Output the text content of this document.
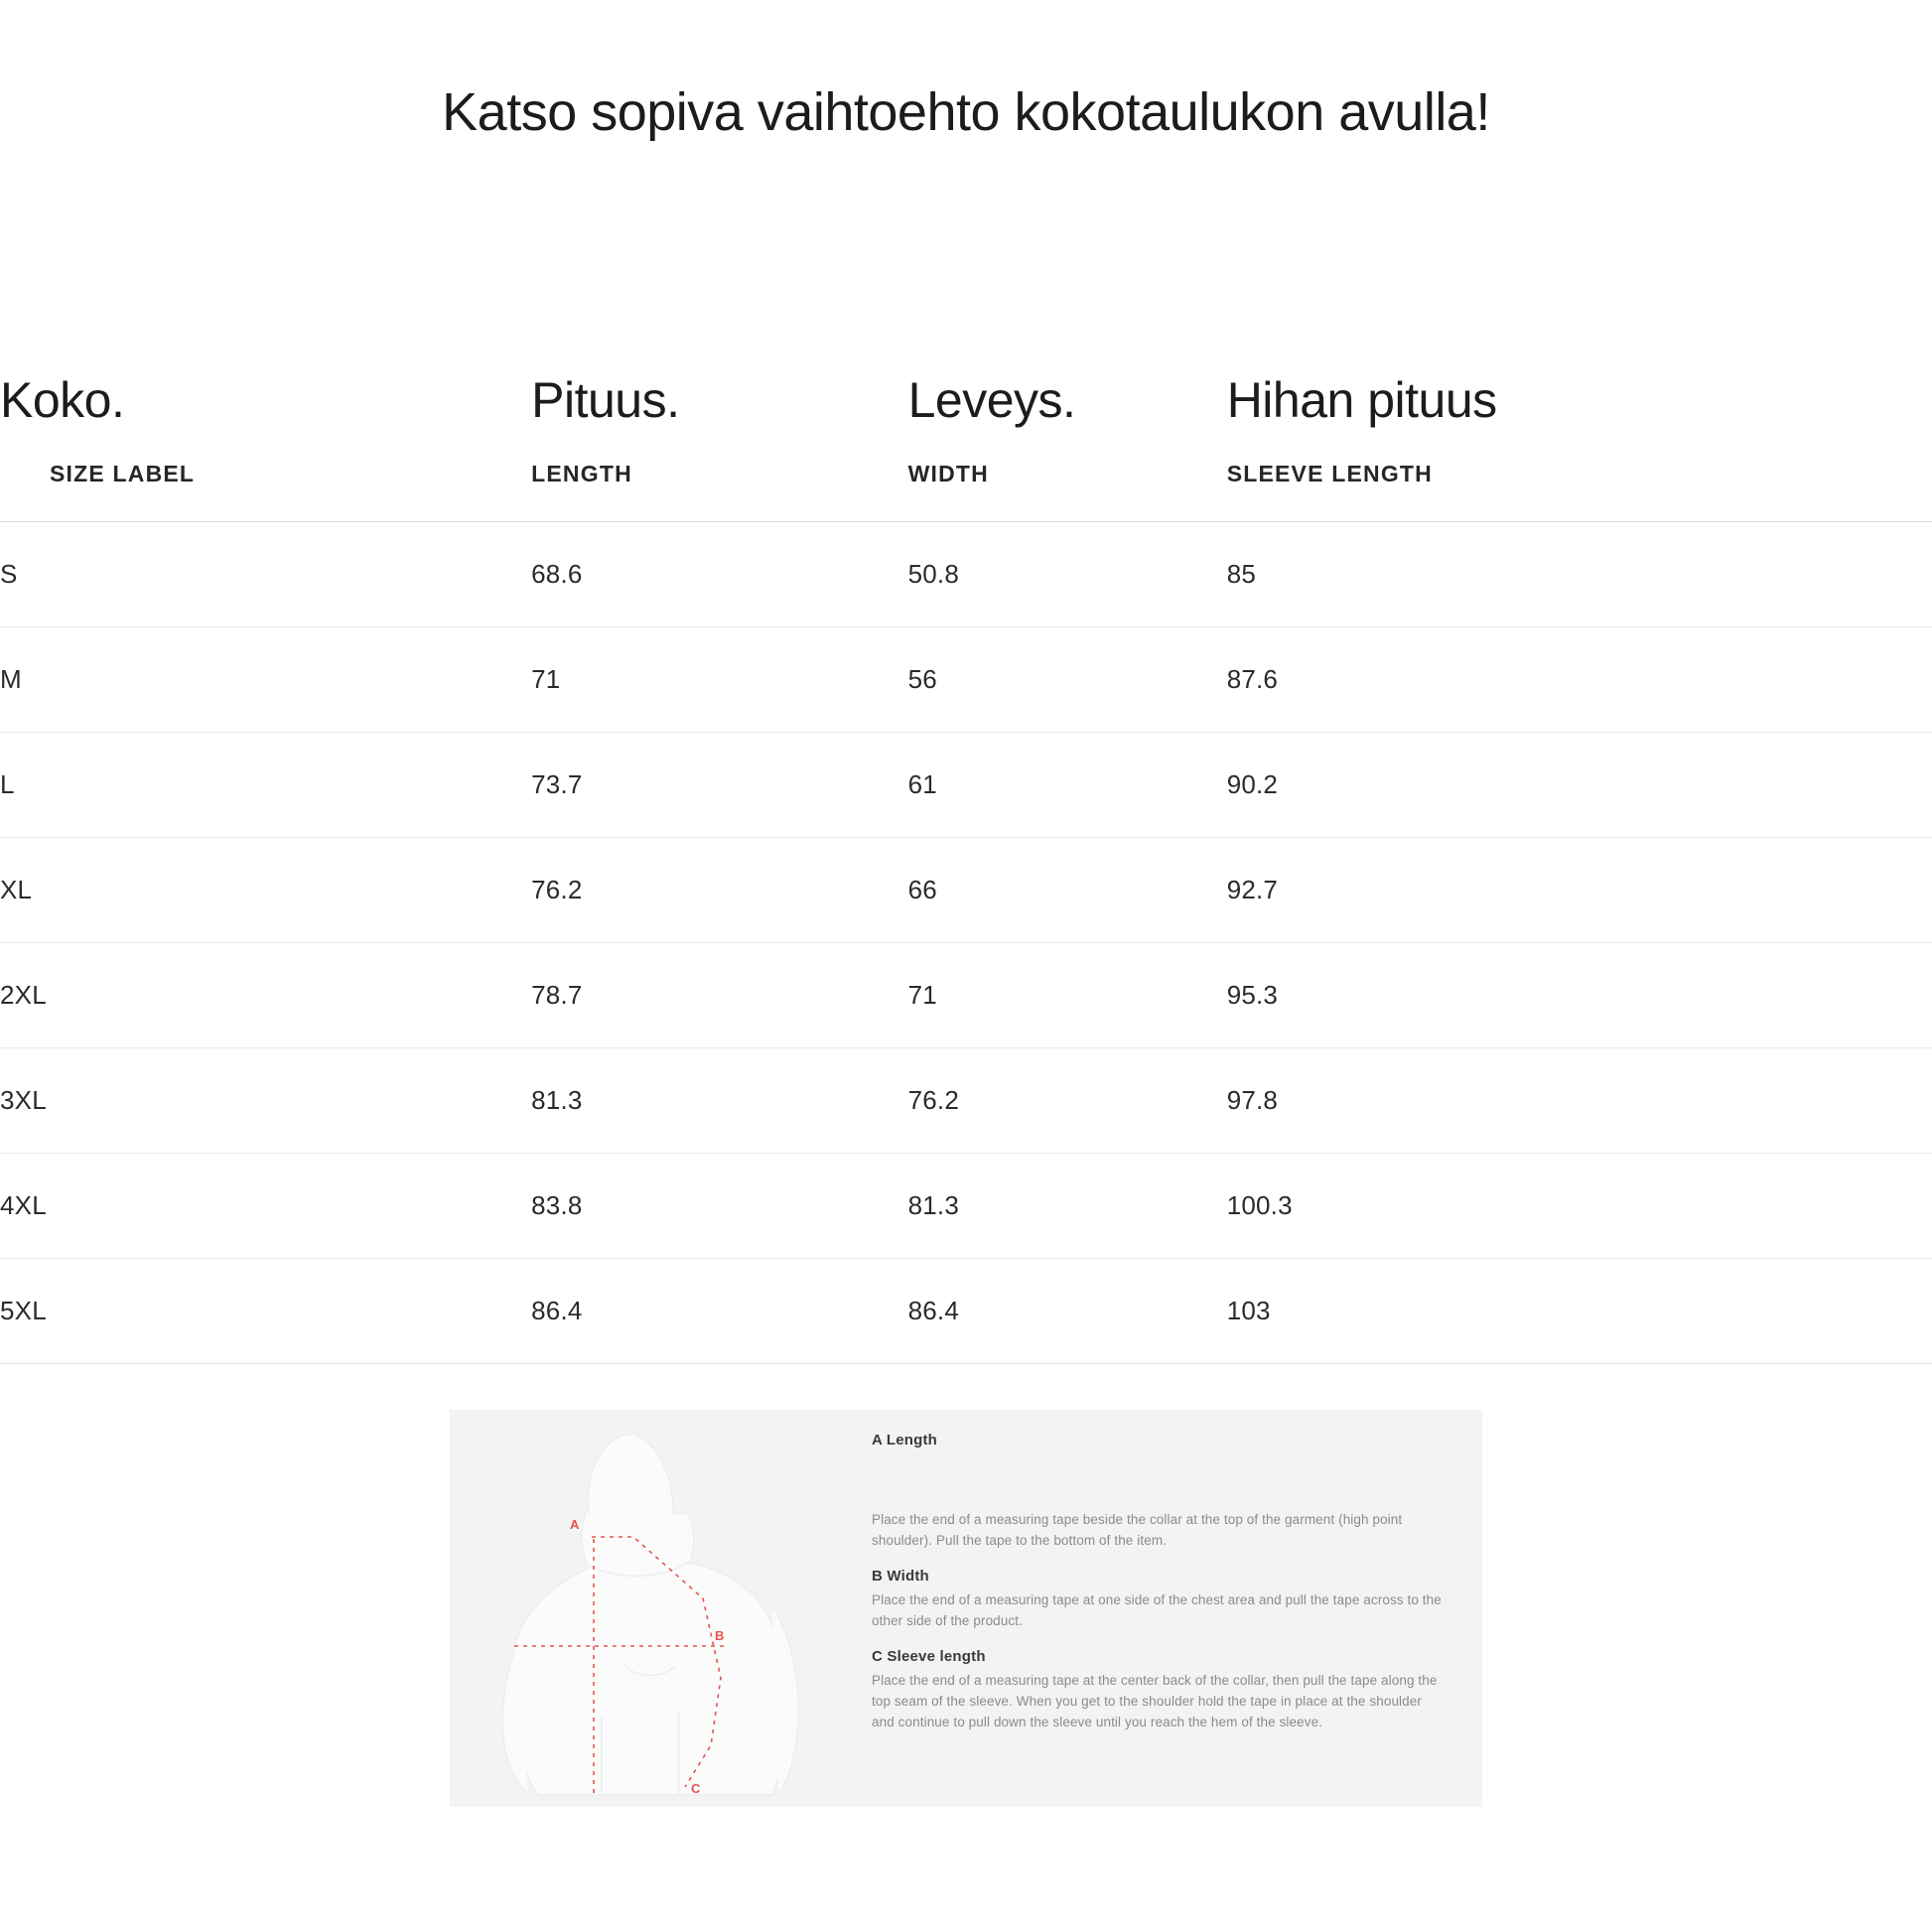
Katso sopiva vaihtoehto kokotaulukon avulla!
Koko.	Pituus.	Leveys.	Hihan pituus
SIZE LABEL	LENGTH	WIDTH	SLEEVE LENGTH
S	68.6	50.8	85
M	71	56	87.6
L	73.7	61	90.2
XL	76.2	66	92.7
2XL	78.7	71	95.3
3XL	81.3	76.2	97.8
4XL	83.8	81.3	100.3
5XL	86.4	86.4	103
A
B
C
A Length
Place the end of a measuring tape beside the collar at the top of the garment (high point shoulder). Pull the tape to the bottom of the item.
B Width
Place the end of a measuring tape at one side of the chest area and pull the tape across to the other side of the product.
C Sleeve length
Place the end of a measuring tape at the center back of the collar, then pull the tape along the top seam of the sleeve. When you get to the shoulder hold the tape in place at the shoulder and continue to pull down the sleeve until you reach the hem of the sleeve.
